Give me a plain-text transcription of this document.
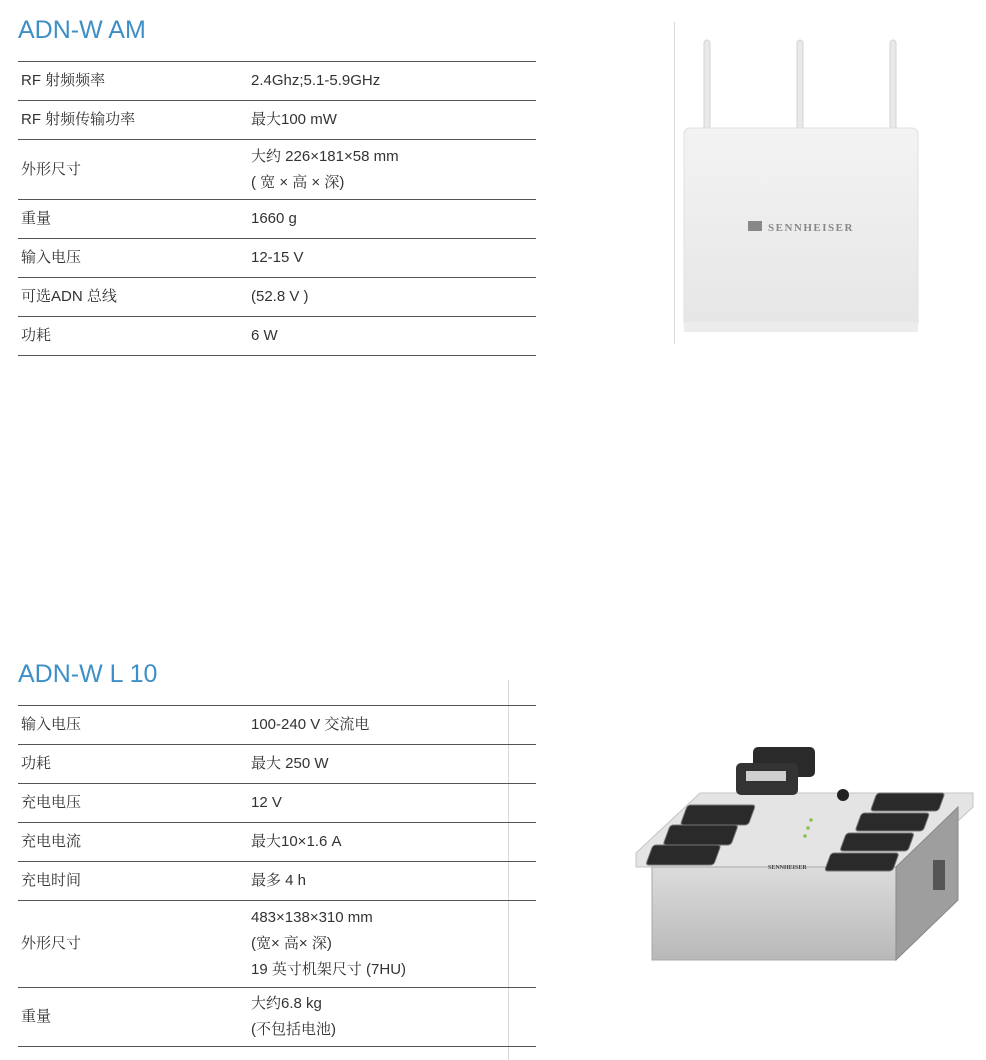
ADN-W AM
RF 射频频率	2.4Ghz;5.1-5.9GHz
RF 射频传输功率	最大100 mW
外形尺寸	大约 226×181×58 mm
( 宽 × 高 × 深)
重量	1660 g
输入电压	12-15 V
可选ADN 总线	(52.8 V )
功耗	6 W
SENNHEISER
ADN-W L 10
输入电压	100-240 V 交流电
功耗	最大 250 W
充电电压	12 V
充电电流	最大10×1.6 A
充电时间	最多 4 h
外形尺寸	483×138×310 mm
(宽× 高× 深)
19 英寸机架尺寸 (7HU)
重量	大约6.8 kg
(不包括电池)
SENNHEISER
